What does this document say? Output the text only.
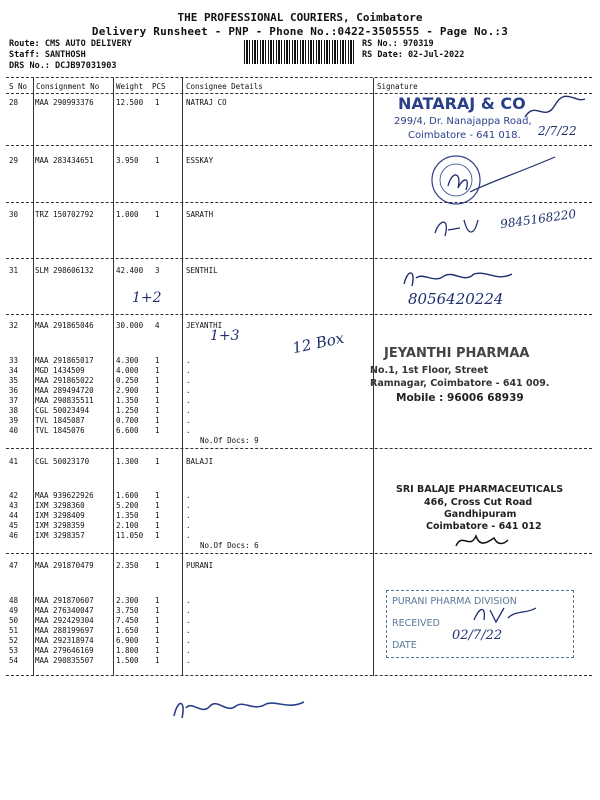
THE PROFESSIONAL COURIERS, Coimbatore
Delivery Runsheet - PNP - Phone No.:0422-3505555 - Page No.:3
Route: CMS AUTO DELIVERY
Staff: SANTHOSH
DRS No.: DCJB97031903
RS No.: 970319
RS Date: 02-Jul-2022
S No Consignment No Weight PCS	Consignee Details	Signature
28 MAA 290993376	12.500 1	NATRAJ CO
29 MAA 283434651	3.950 1	ESSKAY
30 TRZ 150702792	1.000 1	SARATH
31 SLM 298606132	42.400 3	SENTHIL
32 MAA 291865046	30.000 4	JEYANTHI
33 MAA 291865017	4.300 1	.
34 MGD 1434509	4.000 1	.
35 MAA 291865022	0.250 1	.
36 MAA 289494720	2.900 1	.
37 MAA 290835511	1.350 1	.
38 CGL 50023494	1.250 1	.
39 TVL 1845087	0.700 1	.
40 TVL 1845076	6.600 1	.
41 CGL 50023170	1.300 1	BALAJI
42 MAA 939622926	1.600 1	.
43 IXM 3298360	5.200 1	.
44 IXM 3298409	1.350 1	.
45 IXM 3298359	2.100 1	.
46 IXM 3298357	11.050 1	.
47 MAA 291870479	2.350 1	PURANI
48 MAA 291870607	2.300 1	.
49 MAA 276340047	3.750 1	.
50 MAA 292429304	7.450 1	.
51 MAA 288199697	1.650 1	.
52 MAA 292318974	6.900 1	.
53 MAA 279646169	1.800 1	.
54 MAA 290835507	1.500 1	.
No.Of Docs: 9
No.Of Docs: 6
NATARAJ & CO
299/4, Dr. Nanajappa Road,
Coimbatore - 641 018. 2/7/22
9845168220
8056420224
1+2
1+3	12 Box	JEYANTHI PHARMAA
No.1, 1st Floor, Street
Ramnagar, Coimbatore - 641 009.
Mobile : 96006 68939
SRI BALAJE PHARMACEUTICALS
466, Cross Cut Road
Gandhipuram
Coimbatore - 641 012
PURANI PHARMA DIVISION
RECEIVED
DATE
02/7/22
